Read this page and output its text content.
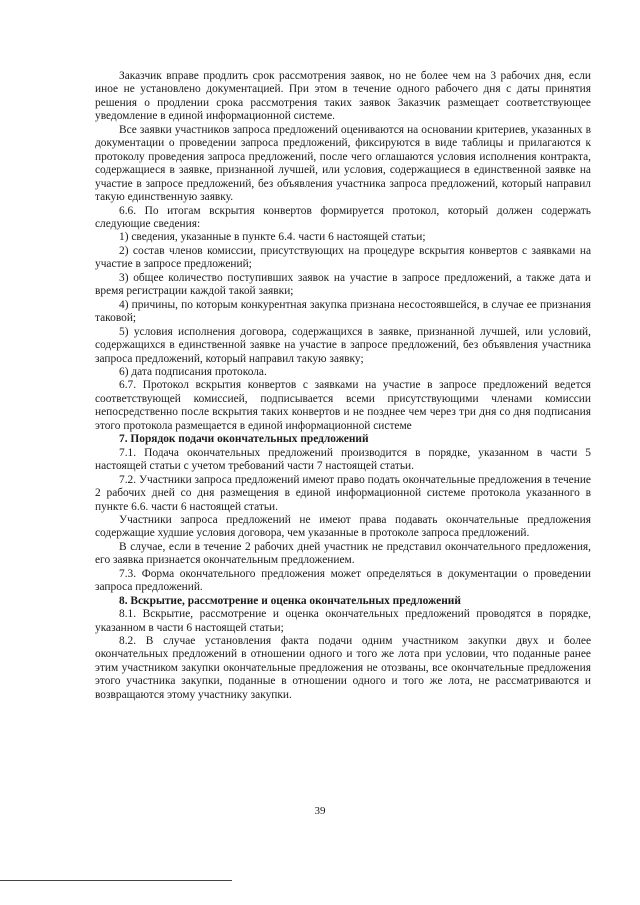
Заказчик вправе продлить срок рассмотрения заявок, но не более чем на 3 рабочих дня, если иное не установлено документацией. При этом в течение одного рабочего дня с даты принятия решения о продлении срока рассмотрения таких заявок Заказчик размещает соответствующее уведомление в единой информационной системе.

Все заявки участников запроса предложений оцениваются на основании критериев, указанных в документации о проведении запроса предложений, фиксируются в виде таблицы и прилагаются к протоколу проведения запроса предложений, после чего оглашаются условия исполнения контракта, содержащиеся в заявке, признанной лучшей, или условия, содержащиеся в единственной заявке на участие в запросе предложений, без объявления участника запроса предложений, который направил такую единственную заявку.

6.6. По итогам вскрытия конвертов формируется протокол, который должен содержать следующие сведения:

1) сведения, указанные в пункте 6.4. части 6 настоящей статьи;

2) состав членов комиссии, присутствующих на процедуре вскрытия конвертов с заявками на участие в запросе предложений;

3) общее количество поступивших заявок на участие в запросе предложений, а также дата и время регистрации каждой такой заявки;

4) причины, по которым конкурентная закупка признана несостоявшейся, в случае ее признания таковой;

5) условия исполнения договора, содержащихся в заявке, признанной лучшей, или условий, содержащихся в единственной заявке на участие в запросе предложений, без объявления участника запроса предложений, который направил такую заявку;

6) дата подписания протокола.

6.7. Протокол вскрытия конвертов с заявками на участие в запросе предложений ведется соответствующей комиссией, подписывается всеми присутствующими членами комиссии непосредственно после вскрытия таких конвертов и не позднее чем через три дня со дня подписания этого протокола размещается в единой информационной системе

7. Порядок подачи окончательных предложений

7.1. Подача окончательных предложений производится в порядке, указанном в части 5 настоящей статьи с учетом требований части 7 настоящей статьи.

7.2. Участники запроса предложений имеют право подать окончательные предложения в течение 2 рабочих дней со дня размещения в единой информационной системе протокола указанного в пункте 6.6. части 6 настоящей статьи.

Участники запроса предложений не имеют права подавать окончательные предложения содержащие худшие условия договора, чем указанные в протоколе запроса предложений.

В случае, если в течение 2 рабочих дней участник не представил окончательного предложения, его заявка признается окончательным предложением.

7.3. Форма окончательного предложения может определяться в документации о проведении запроса предложений.

8. Вскрытие, рассмотрение и оценка окончательных предложений

8.1. Вскрытие, рассмотрение и оценка окончательных предложений проводятся в порядке, указанном в части 6 настоящей статьи;

8.2. В случае установления факта подачи одним участником закупки двух и более окончательных предложений в отношении одного и того же лота при условии, что поданные ранее этим участником закупки окончательные предложения не отозваны, все окончательные предложения этого участника закупки, поданные в отношении одного и того же лота, не рассматриваются и возвращаются этому участнику закупки.

39
